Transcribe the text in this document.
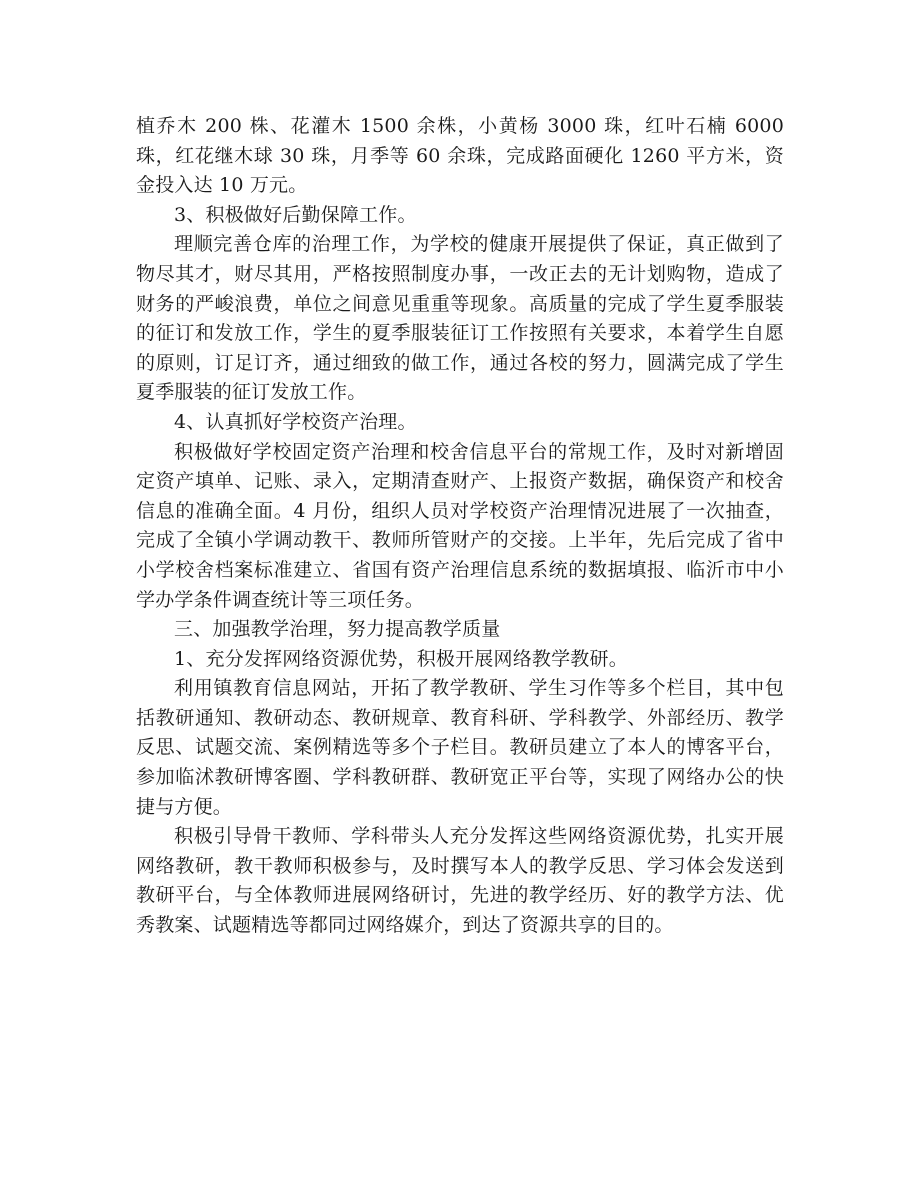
植乔木 200 株、花灌木 1500 余株，小黄杨 3000 珠，红叶石楠 6000 珠，红花继木球 30 珠，月季等 60 余珠，完成路面硬化 1260 平方米，资金投入达 10 万元。

3、积极做好后勤保障工作。

理顺完善仓库的治理工作，为学校的健康开展提供了保证，真正做到了物尽其才，财尽其用，严格按照制度办事，一改正去的无计划购物，造成了财务的严峻浪费，单位之间意见重重等现象。高质量的完成了学生夏季服装的征订和发放工作，学生的夏季服装征订工作按照有关要求，本着学生自愿的原则，订足订齐，通过细致的做工作，通过各校的努力，圆满完成了学生夏季服装的征订发放工作。

4、认真抓好学校资产治理。

积极做好学校固定资产治理和校舍信息平台的常规工作，及时对新增固定资产填单、记账、录入，定期清查财产、上报资产数据，确保资产和校舍信息的准确全面。4 月份，组织人员对学校资产治理情况进展了一次抽查，完成了全镇小学调动教干、教师所管财产的交接。上半年，先后完成了省中小学校舍档案标准建立、省国有资产治理信息系统的数据填报、临沂市中小学办学条件调查统计等三项任务。

三、加强教学治理，努力提高教学质量

1、充分发挥网络资源优势，积极开展网络教学教研。

利用镇教育信息网站，开拓了教学教研、学生习作等多个栏目，其中包括教研通知、教研动态、教研规章、教育科研、学科教学、外部经历、教学反思、试题交流、案例精选等多个子栏目。教研员建立了本人的博客平台，参加临沭教研博客圈、学科教研群、教研宽正平台等，实现了网络办公的快捷与方便。

积极引导骨干教师、学科带头人充分发挥这些网络资源优势，扎实开展网络教研，教干教师积极参与，及时撰写本人的教学反思、学习体会发送到教研平台，与全体教师进展网络研讨，先进的教学经历、好的教学方法、优秀教案、试题精选等都同过网络媒介，到达了资源共享的目的。
